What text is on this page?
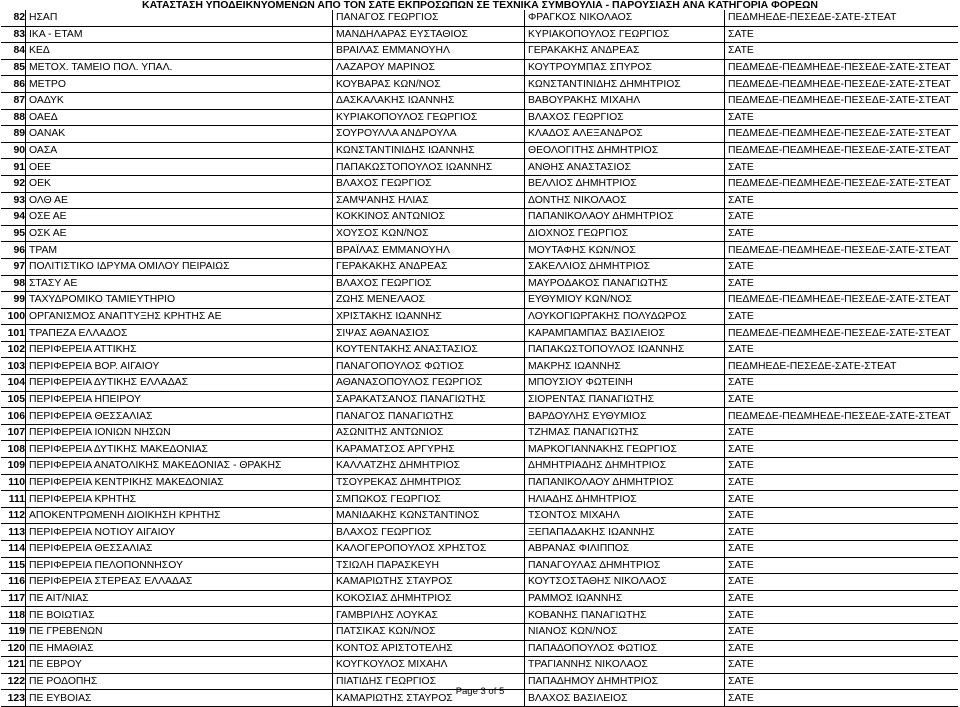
ΚΑΤΑΣΤΑΣΗ ΥΠΟΔΕΙΚΝΥΟΜΕΝΩΝ ΑΠΟ ΤΟΝ ΣΑΤΕ ΕΚΠΡΟΣΩΠΩΝ ΣΕ ΤΕΧΝΙΚΑ ΣΥΜΒΟΥΛΙΑ - ΠΑΡΟΥΣΙΑΣΗ ΑΝΑ ΚΑΤΗΓΟΡΙΑ ΦΟΡΕΩΝ
82	ΗΣΑΠ	ΠΑΝΑΓΟΣ ΓΕΩΡΓΙΟΣ	ΦΡΑΓΚΟΣ ΝΙΚΟΛΑΟΣ	ΠΕΔΜΗΕΔΕ-ΠΕΣΕΔΕ-ΣΑΤΕ-ΣΤΕΑΤ
83	ΙΚΑ - ΕΤΑΜ	ΜΑΝΔΗΛΑΡΑΣ ΕΥΣΤΑΘΙΟΣ	ΚΥΡΙΑΚΟΠΟΥΛΟΣ ΓΕΩΡΓΙΟΣ	ΣΑΤΕ
84	ΚΕΔ	ΒΡΑΙΛΑΣ ΕΜΜΑΝΟΥΗΛ	ΓΕΡΑΚΑΚΗΣ ΑΝΔΡΕΑΣ	ΣΑΤΕ
85	ΜΕΤΟΧ. ΤΑΜΕΙΟ ΠΟΛ. ΥΠΑΛ.	ΛΑΖΑΡΟΥ ΜΑΡΙΝΟΣ	ΚΟΥΤΡΟΥΜΠΑΣ ΣΠΥΡΟΣ	ΠΕΔΜΕΔΕ-ΠΕΔΜΗΕΔΕ-ΠΕΣΕΔΕ-ΣΑΤΕ-ΣΤΕΑΤ
86	ΜΕΤΡΟ	ΚΟΥΒΑΡΑΣ ΚΩΝ/ΝΟΣ	ΚΩΝΣΤΑΝΤΙΝΙΔΗΣ ΔΗΜΗΤΡΙΟΣ	ΠΕΔΜΕΔΕ-ΠΕΔΜΗΕΔΕ-ΠΕΣΕΔΕ-ΣΑΤΕ-ΣΤΕΑΤ
87	ΟΑΔΥΚ	ΔΑΣΚΑΛΑΚΗΣ ΙΩΑΝΝΗΣ	ΒΑΒΟΥΡΑΚΗΣ ΜΙΧΑΗΛ	ΠΕΔΜΕΔΕ-ΠΕΔΜΗΕΔΕ-ΠΕΣΕΔΕ-ΣΑΤΕ-ΣΤΕΑΤ
88	ΟΑΕΔ	ΚΥΡΙΑΚΟΠΟΥΛΟΣ ΓΕΩΡΓΙΟΣ	ΒΛΑΧΟΣ ΓΕΩΡΓΙΟΣ	ΣΑΤΕ
89	ΟΑΝΑΚ	ΣΟΥΡΟΥΛΛΑ ΑΝΔΡΟΥΛΑ	ΚΛΑΔΟΣ ΑΛΕΞΑΝΔΡΟΣ	ΠΕΔΜΕΔΕ-ΠΕΔΜΗΕΔΕ-ΠΕΣΕΔΕ-ΣΑΤΕ-ΣΤΕΑΤ
90	ΟΑΣΑ	ΚΩΝΣΤΑΝΤΙΝΙΔΗΣ ΙΩΑΝΝΗΣ	ΘΕΟΛΟΓΙΤΗΣ ΔΗΜΗΤΡΙΟΣ	ΠΕΔΜΕΔΕ-ΠΕΔΜΗΕΔΕ-ΠΕΣΕΔΕ-ΣΑΤΕ-ΣΤΕΑΤ
91	ΟΕΕ	ΠΑΠΑΚΩΣΤΟΠΟΥΛΟΣ ΙΩΑΝΝΗΣ	ΑΝΘΗΣ ΑΝΑΣΤΑΣΙΟΣ	ΣΑΤΕ
92	ΟΕΚ	ΒΛΑΧΟΣ ΓΕΩΡΓΙΟΣ	ΒΕΛΛΙΟΣ ΔΗΜΗΤΡΙΟΣ	ΠΕΔΜΕΔΕ-ΠΕΔΜΗΕΔΕ-ΠΕΣΕΔΕ-ΣΑΤΕ-ΣΤΕΑΤ
93	ΟΛΘ ΑΕ	ΣΑΜΨΑΝΗΣ ΗΛΙΑΣ	ΔΟΝΤΗΣ ΝΙΚΟΛΑΟΣ	ΣΑΤΕ
94	ΟΣΕ ΑΕ	ΚΟΚΚΙΝΟΣ ΑΝΤΩΝΙΟΣ	ΠΑΠΑΝΙΚΟΛΑΟΥ ΔΗΜΗΤΡΙΟΣ	ΣΑΤΕ
95	ΟΣΚ ΑΕ	ΧΟΥΣΟΣ ΚΩΝ/ΝΟΣ	ΔΙΟΧΝΟΣ ΓΕΩΡΓΙΟΣ	ΣΑΤΕ
96	ΤΡΑΜ	ΒΡΑΪΛΑΣ ΕΜΜΑΝΟΥΗΛ	ΜΟΥΤΑΦΗΣ ΚΩΝ/ΝΟΣ	ΠΕΔΜΕΔΕ-ΠΕΔΜΗΕΔΕ-ΠΕΣΕΔΕ-ΣΑΤΕ-ΣΤΕΑΤ
97	ΠΟΛΙΤΙΣΤΙΚΟ ΙΔΡΥΜΑ ΟΜΙΛΟΥ ΠΕΙΡΑΙΩΣ	ΓΕΡΑΚΑΚΗΣ ΑΝΔΡΕΑΣ	ΣΑΚΕΛΛΙΟΣ ΔΗΜΗΤΡΙΟΣ	ΣΑΤΕ
98	ΣΤΑΣΥ ΑΕ	ΒΛΑΧΟΣ ΓΕΩΡΓΙΟΣ	ΜΑΥΡΟΔΑΚΟΣ ΠΑΝΑΓΙΩΤΗΣ	ΣΑΤΕ
99	ΤΑΧΥΔΡΟΜΙΚΟ ΤΑΜΙΕΥΤΗΡΙΟ	ΖΩΗΣ ΜΕΝΕΛΑΟΣ	ΕΥΘΥΜΙΟΥ ΚΩΝ/ΝΟΣ	ΠΕΔΜΕΔΕ-ΠΕΔΜΗΕΔΕ-ΠΕΣΕΔΕ-ΣΑΤΕ-ΣΤΕΑΤ
100	ΟΡΓΑΝΙΣΜΟΣ ΑΝΑΠΤΥΞΗΣ ΚΡΗΤΗΣ ΑΕ	ΧΡΙΣΤΑΚΗΣ ΙΩΑΝΝΗΣ	ΛΟΥΚΟΓΙΩΡΓΑΚΗΣ ΠΟΛΥΔΩΡΟΣ	ΣΑΤΕ
101	ΤΡΑΠΕΖΑ ΕΛΛΑΔΟΣ	ΣΙΨΑΣ ΑΘΑΝΑΣΙΟΣ	ΚΑΡΑΜΠΑΜΠΑΣ ΒΑΣΙΛΕΙΟΣ	ΠΕΔΜΕΔΕ-ΠΕΔΜΗΕΔΕ-ΠΕΣΕΔΕ-ΣΑΤΕ-ΣΤΕΑΤ
102	ΠΕΡΙΦΕΡΕΙΑ ΑΤΤΙΚΗΣ	ΚΟΥΤΕΝΤΑΚΗΣ ΑΝΑΣΤΑΣΙΟΣ	ΠΑΠΑΚΩΣΤΟΠΟΥΛΟΣ ΙΩΑΝΝΗΣ	ΣΑΤΕ
103	ΠΕΡΙΦΕΡΕΙΑ ΒΟΡ. ΑΙΓΑΙΟΥ	ΠΑΝΑΓΟΠΟΥΛΟΣ ΦΩΤΙΟΣ	ΜΑΚΡΗΣ ΙΩΑΝΝΗΣ	ΠΕΔΜΗΕΔΕ-ΠΕΣΕΔΕ-ΣΑΤΕ-ΣΤΕΑΤ
104	ΠΕΡΙΦΕΡΕΙΑ ΔΥΤΙΚΗΣ ΕΛΛΑΔΑΣ	ΑΘΑΝΑΣΟΠΟΥΛΟΣ ΓΕΩΡΓΙΟΣ	ΜΠΟΥΣΙΟΥ ΦΩΤΕΙΝΗ	ΣΑΤΕ
105	ΠΕΡΙΦΕΡΕΙΑ ΗΠΕΙΡΟΥ	ΣΑΡΑΚΑΤΣΑΝΟΣ ΠΑΝΑΓΙΩΤΗΣ	ΣΙΟΡΕΝΤΑΣ ΠΑΝΑΓΙΩΤΗΣ	ΣΑΤΕ
106	ΠΕΡΙΦΕΡΕΙΑ ΘΕΣΣΑΛΙΑΣ	ΠΑΝΑΓΟΣ ΠΑΝΑΓΙΩΤΗΣ	ΒΑΡΔΟΥΛΗΣ ΕΥΘΥΜΙΟΣ	ΠΕΔΜΕΔΕ-ΠΕΔΜΗΕΔΕ-ΠΕΣΕΔΕ-ΣΑΤΕ-ΣΤΕΑΤ
107	ΠΕΡΙΦΕΡΕΙΑ ΙΟΝΙΩΝ ΝΗΣΩΝ	ΑΣΩΝΙΤΗΣ ΑΝΤΩΝΙΟΣ	ΤΖΗΜΑΣ ΠΑΝΑΓΙΩΤΗΣ	ΣΑΤΕ
108	ΠΕΡΙΦΕΡΕΙΑ ΔΥΤΙΚΗΣ ΜΑΚΕΔΟΝΙΑΣ	ΚΑΡΑΜΑΤΣΟΣ ΑΡΓΥΡΗΣ	ΜΑΡΚΟΓΙΑΝΝΑΚΗΣ ΓΕΩΡΓΙΟΣ	ΣΑΤΕ
109	ΠΕΡΙΦΕΡΕΙΑ ΑΝΑΤΟΛΙΚΗΣ ΜΑΚΕΔΟΝΙΑΣ - ΘΡΑΚΗΣ	ΚΑΛΛΑΤΖΗΣ ΔΗΜΗΤΡΙΟΣ	ΔΗΜΗΤΡΙΑΔΗΣ ΔΗΜΗΤΡΙΟΣ	ΣΑΤΕ
110	ΠΕΡΙΦΕΡΕΙΑ ΚΕΝΤΡΙΚΗΣ ΜΑΚΕΔΟΝΙΑΣ	ΤΣΟΥΡΕΚΑΣ ΔΗΜΗΤΡΙΟΣ	ΠΑΠΑΝΙΚΟΛΑΟΥ ΔΗΜΗΤΡΙΟΣ	ΣΑΤΕ
111	ΠΕΡΙΦΕΡΕΙΑ ΚΡΗΤΗΣ	ΣΜΠΩΚΟΣ ΓΕΩΡΓΙΟΣ	ΗΛΙΑΔΗΣ ΔΗΜΗΤΡΙΟΣ	ΣΑΤΕ
112	ΑΠΟΚΕΝΤΡΩΜΕΝΗ ΔΙΟΙΚΗΣΗ ΚΡΗΤΗΣ	ΜΑΝΙΔΑΚΗΣ ΚΩΝΣΤΑΝΤΙΝΟΣ	ΤΣΟΝΤΟΣ ΜΙΧΑΗΛ	ΣΑΤΕ
113	ΠΕΡΙΦΕΡΕΙΑ ΝΟΤΙΟΥ ΑΙΓΑΙΟΥ	ΒΛΑΧΟΣ ΓΕΩΡΓΙΟΣ	ΞΕΠΑΠΑΔΑΚΗΣ ΙΩΑΝΝΗΣ	ΣΑΤΕ
114	ΠΕΡΙΦΕΡΕΙΑ ΘΕΣΣΑΛΙΑΣ	ΚΑΛΟΓΕΡΟΠΟΥΛΟΣ ΧΡΗΣΤΟΣ	ΑΒΡΑΝΑΣ ΦΙΛΙΠΠΟΣ	ΣΑΤΕ
115	ΠΕΡΙΦΕΡΕΙΑ ΠΕΛΟΠΟΝΝΗΣΟΥ	ΤΣΙΩΛΗ ΠΑΡΑΣΚΕΥΗ	ΠΑΝΑΓΟΥΛΑΣ ΔΗΜΗΤΡΙΟΣ	ΣΑΤΕ
116	ΠΕΡΙΦΕΡΕΙΑ ΣΤΕΡΕΑΣ ΕΛΛΑΔΑΣ	ΚΑΜΑΡΙΩΤΗΣ ΣΤΑΥΡΟΣ	ΚΟΥΤΣΟΣΤΑΘΗΣ ΝΙΚΟΛΑΟΣ	ΣΑΤΕ
117	ΠΕ ΑΙΤ/ΝΙΑΣ	ΚΟΚΟΣΙΑΣ ΔΗΜΗΤΡΙΟΣ	ΡΑΜΜΟΣ ΙΩΑΝΝΗΣ	ΣΑΤΕ
118	ΠΕ ΒΟΙΩΤΙΑΣ	ΓΑΜΒΡΙΛΗΣ ΛΟΥΚΑΣ	ΚΟΒΑΝΗΣ ΠΑΝΑΓΙΩΤΗΣ	ΣΑΤΕ
119	ΠΕ ΓΡΕΒΕΝΩΝ	ΠΑΤΣΙΚΑΣ ΚΩΝ/ΝΟΣ	ΝΙΑΝΟΣ ΚΩΝ/ΝΟΣ	ΣΑΤΕ
120	ΠΕ ΗΜΑΘΙΑΣ	ΚΟΝΤΟΣ ΑΡΙΣΤΟΤΕΛΗΣ	ΠΑΠΑΔΟΠΟΥΛΟΣ ΦΩΤΙΟΣ	ΣΑΤΕ
121	ΠΕ ΕΒΡΟΥ	ΚΟΥΓΚΟΥΛΟΣ ΜΙΧΑΗΛ	ΤΡΑΓΙΑΝΝΗΣ ΝΙΚΟΛΑΟΣ	ΣΑΤΕ
122	ΠΕ ΡΟΔΟΠΗΣ	ΠΙΑΤΙΔΗΣ ΓΕΩΡΓΙΟΣ	ΠΑΠΑΔΗΜΟΥ ΔΗΜΗΤΡΙΟΣ	ΣΑΤΕ
123	ΠΕ ΕΥΒΟΙΑΣ	ΚΑΜΑΡΙΩΤΗΣ ΣΤΑΥΡΟΣ	ΒΛΑΧΟΣ ΒΑΣΙΛΕΙΟΣ	ΣΑΤΕ
Page 3 of 5
